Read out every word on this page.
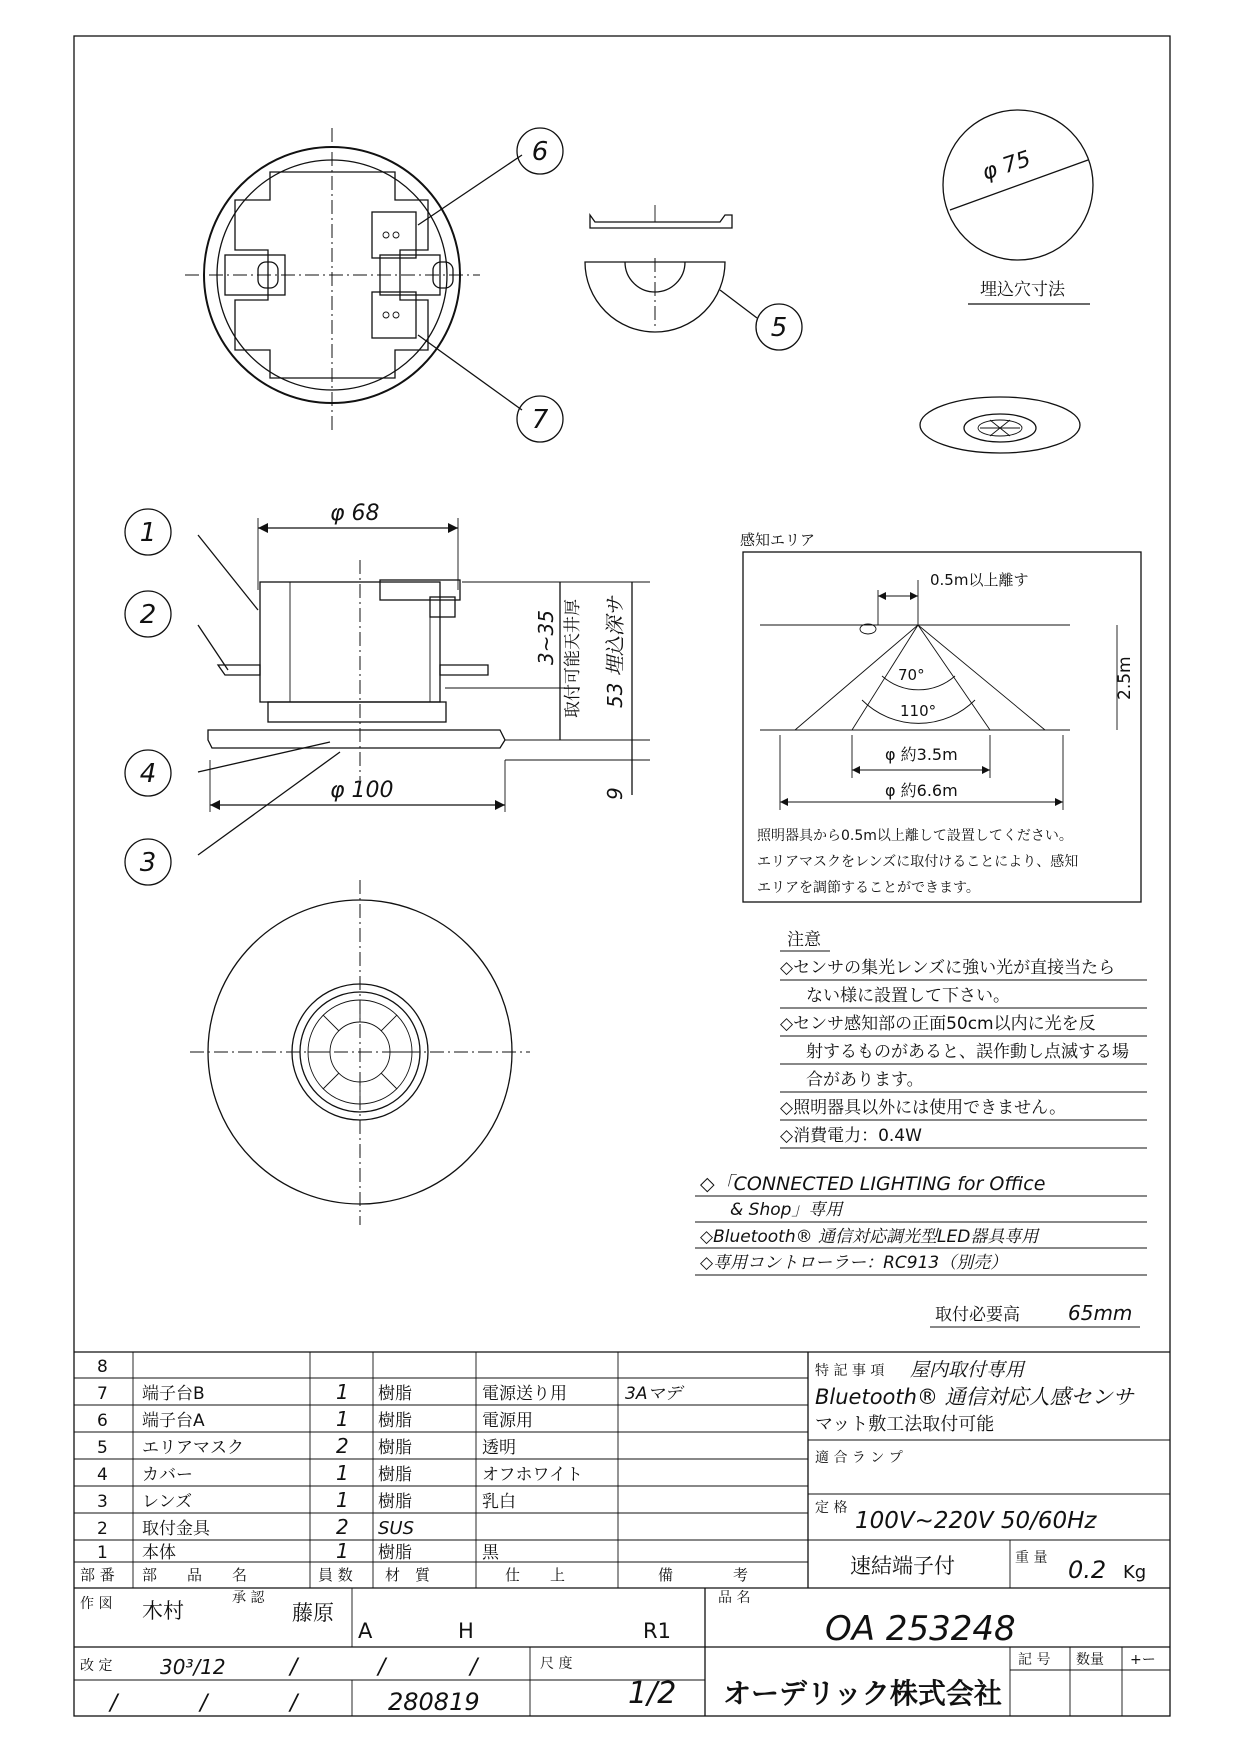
6
7
5
φ 75
埋込穴寸法
φ 68
φ 100
3~35 取付可能天井厚 53 埋込深サ
9
1
2
4
3
感知エリア
0.5m以上離す
70°
110°
2.5m
φ 約3.5m
φ 約6.6m
照明器具から0.5m以上離して設置してください。
エリアマスクをレンズに取付けることにより、感知
エリアを調節することができます。
注意
◇センサの集光レンズに強い光が直接当たら
ない様に設置して下さい。
◇センサ感知部の正面50cm以内に光を反
射するものがあると、誤作動し点滅する場
合があります。
◇照明器具以外には使用できません。
◇消費電力：0.4W
◇「CONNECTED LIGHTING for Office
& Shop」専用
◇Bluetooth® 通信対応調光型LED器具専用
◇専用コントローラー：RC913（別売）
取付必要高 65mm
部 番 部　　品　　名	員 数 材　質	仕　　上	備　　　　考
8
7 端子台B	1 樹脂	電源送り用	3Aマデ
6 端子台A	1 樹脂	電源用
5 エリアマスク	2 樹脂	透明
4 カバー	1 樹脂	オフホワイト
3 レンズ	1 樹脂	乳白
2 取付金具	2 SUS
1 本体	1 樹脂	黒
特 記 事 項 屋内取付専用
Bluetooth® 通信対応人感センサ
マット敷工法取付可能
適 合 ラ ン プ
定 格 100V~220V 50/60Hz
速結端子付	重 量 0.2 Kg
作 図 木村
承 認
藤原
A	H	R1
品 名
OA 253248
改 定 30³/12	/	/	/
/	/	/	280819
尺 度
1/2 オーデリック株式会社
記 号 数量 +ー
